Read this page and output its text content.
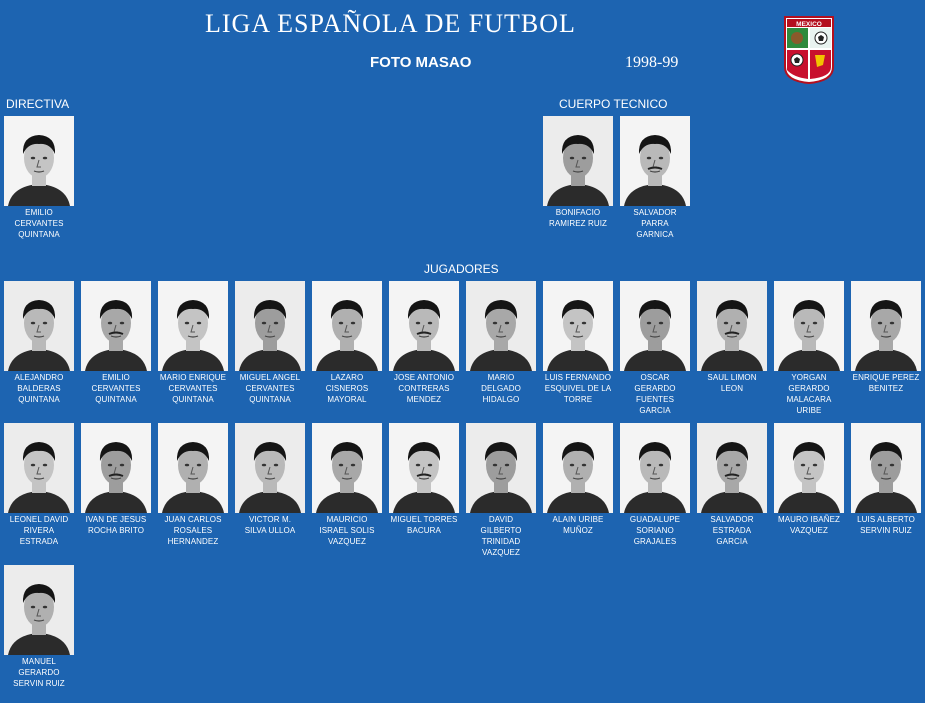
LIGA ESPAÑOLA DE FUTBOL
FOTO MASAO	1998-99
MEXICO
DIRECTIVA	CUERPO TECNICO
JUGADORES
EMILIO
CERVANTES
QUINTANA
BONIFACIO
RAMIREZ RUIZ
SALVADOR
PARRA
GARNICA
ALEJANDRO
BALDERAS
QUINTANA
EMILIO
CERVANTES
QUINTANA
MARIO ENRIQUE
CERVANTES
QUINTANA
MIGUEL ANGEL
CERVANTES
QUINTANA
LAZARO
CISNEROS
MAYORAL
JOSE ANTONIO
CONTRERAS
MENDEZ
MARIO
DELGADO
HIDALGO
LUIS FERNANDO
ESQUIVEL DE LA
TORRE
OSCAR
GERARDO
FUENTES
GARCIA
SAUL LIMON
LEON
YORGAN
GERARDO
MALACARA
URIBE
ENRIQUE PEREZ
BENITEZ
LEONEL DAVID
RIVERA
ESTRADA
IVAN DE JESUS
ROCHA BRITO
JUAN CARLOS
ROSALES
HERNANDEZ
VICTOR M.
SILVA ULLOA
MAURICIO
ISRAEL SOLIS
VAZQUEZ
MIGUEL TORRES
BACURA
DAVID
GILBERTO
TRINIDAD
VAZQUEZ
ALAIN URIBE
MUÑOZ
GUADALUPE
SORIANO
GRAJALES
SALVADOR
ESTRADA
GARCIA
MAURO IBAÑEZ
VAZQUEZ
LUIS ALBERTO
SERVIN RUIZ
MANUEL
GERARDO
SERVIN RUIZ
